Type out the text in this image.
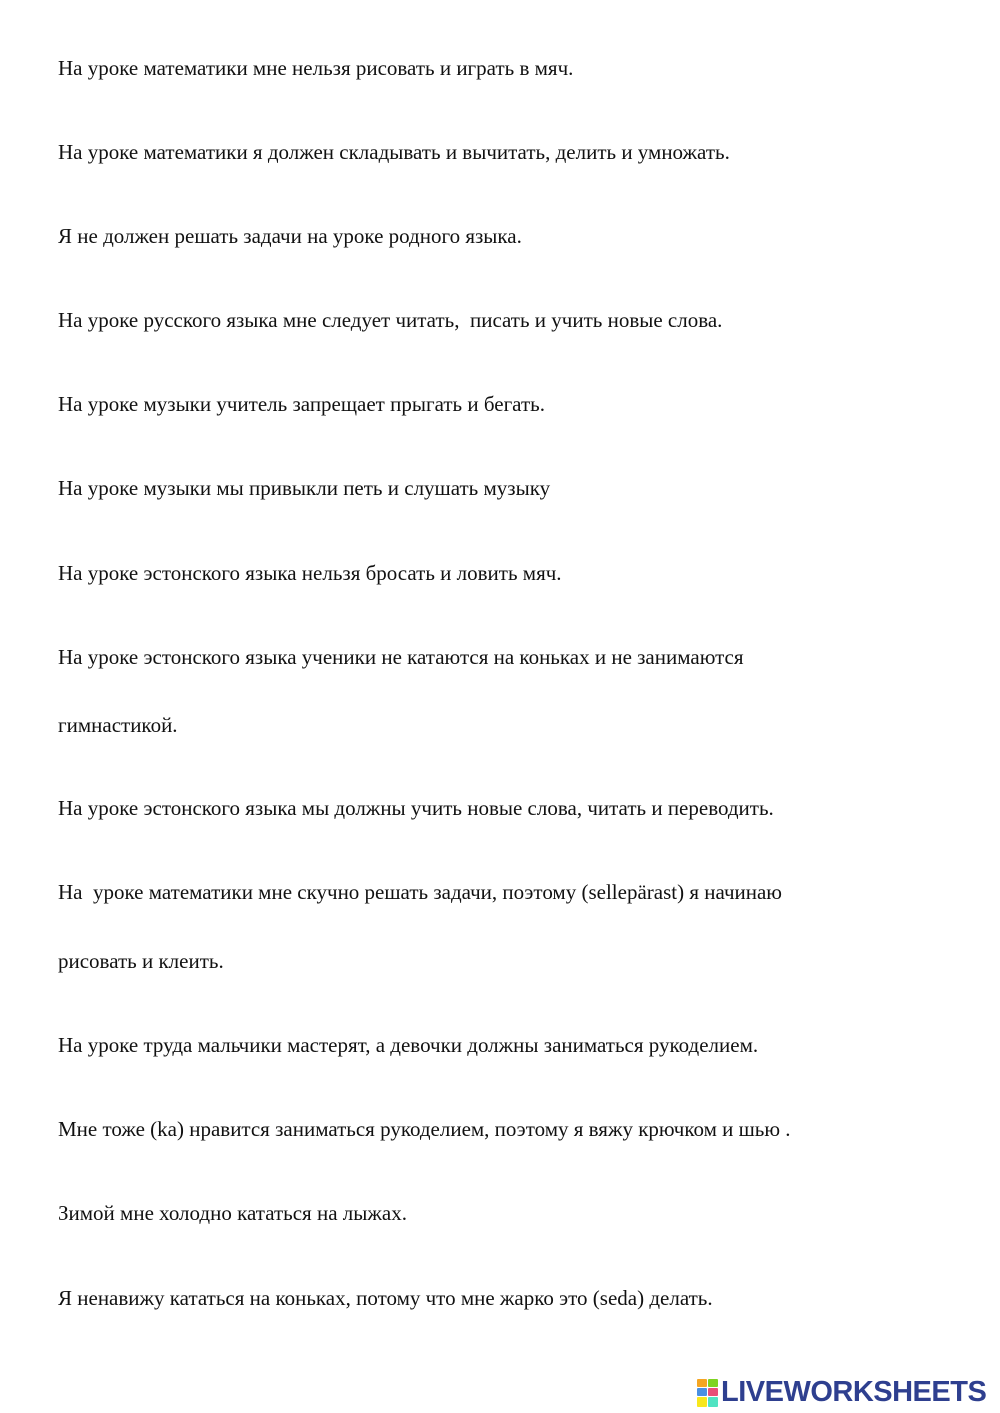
На уроке математики мне нельзя рисовать и играть в мяч.

На уроке математики я должен складывать и вычитать, делить и умножать.

Я не должен решать задачи на уроке родного языка.

На уроке русского языка мне следует читать,  писать и учить новые слова.

На уроке музыки учитель запрещает прыгать и бегать.

На уроке музыки мы привыкли петь и слушать музыку

На уроке эстонского языка нельзя бросать и ловить мяч.

На уроке эстонского языка ученики не катаются на коньках и не занимаются

гимнастикой.

На уроке эстонского языка мы должны учить новые слова, читать и переводить.

На  уроке математики мне скучно решать задачи, поэтому (selleрärast) я начинаю

рисовать и клеить.

На уроке труда мальчики мастерят, а девочки должны заниматься рукоделием.

Мне тоже (ka) нравится заниматься рукоделием, поэтому я вяжу крючком и шью .

Зимой мне холодно кататься на лыжах.

Я ненавижу кататься на коньках, потому что мне жарко это (seda) делать.

LIVEWORKSHEETS
